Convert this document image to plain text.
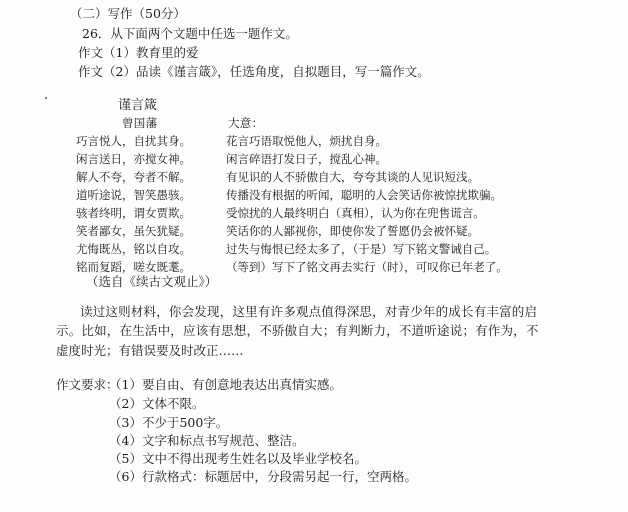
（二）写作（50分）
26．从下面两个文题中任选一题作文。
作文（1）教育里的爱
作文（2）品读《谨言箴》，任选角度，自拟题目，写一篇作文。
谨言箴
曾国藩	大意：
巧言悦人，自扰其身。	花言巧语取悦他人，烦扰自身。
闲言送日，亦搅女神。	闲言碎语打发日子，搅乱心神。
解人不夸，夸者不解。	有见识的人不骄傲自大，夸夸其谈的人见识短浅。
道听途说，智笑愚骇。	传播没有根据的听闻，聪明的人会笑话你被惊扰欺骗。
骇者终明，谓女贾欺。	受惊扰的人最终明白（真相），认为你在兜售谎言。
笑者鄙女，虽矢犹疑。	笑话你的人鄙视你，即使你发了誓愿仍会被怀疑。
尤悔既丛，铭以自攻。	过失与悔恨已经太多了，（于是）写下铭文警诫自己。
铭而复蹈，嗟女既耄。	（等到）写下了铭文再去实行（时），可叹你已年老了。
（选自《续古文观止》）
读过这则材料，你会发现，这里有许多观点值得深思，对青少年的成长有丰富的启
示。比如，在生活中，应该有思想，不骄傲自大；有判断力，不道听途说；有作为，不
虚度时光；有错误要及时改正……
作文要求：
（1）要自由、有创意地表达出真情实感。
（2）文体不限。
（3）不少于500字。
（4）文字和标点书写规范、整洁。
（5）文中不得出现考生姓名以及毕业学校名。
（6）行款格式：标题居中，分段需另起一行，空两格。
